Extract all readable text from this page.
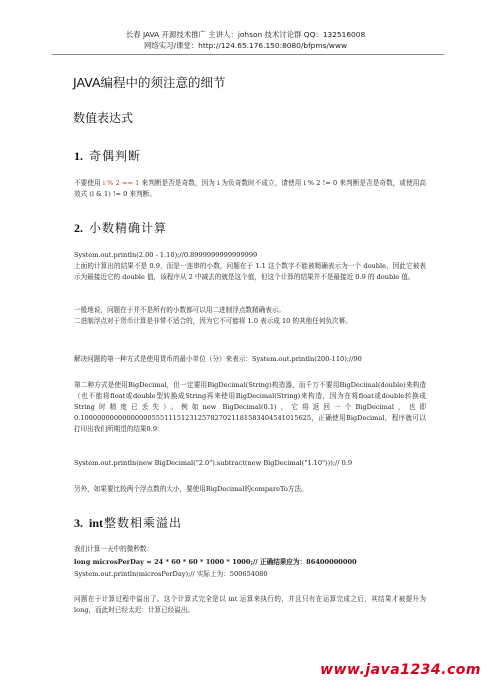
长春 JAVA 开源技术推广 主讲人：johson 技术讨论群 QQ：132516008
网络实习/课堂：http://124.65.176.150:8080/bfpms/www
JAVA编程中的须注意的细节
数值表达式
1. 奇偶判断

不要使用 i % 2 == 1 来判断是否是奇数，因为 i 为负奇数时不成立，请使用 i % 2 != 0 来判断是否是奇数，或使用高效式 (i & 1) != 0 来判断。

2. 小数精确计算

System.out.println(2.00 - 1.10);//0.8999999999999999

上面的计算出的结果不是 0.9，而是一连串的小数，问题在于 1.1 这个数字不能被精确表示为一个 double，因此它被表示为最接近它的 double 值，该程序从 2 中减去的就是这个值，但这个计算的结果并不是最接近 0.9 的 double 值。

一般地说，问题在于并不是所有的小数都可以用二进制浮点数精确表示。

二进制浮点对于货币计算是非常不适合的，因为它不可能将 1.0 表示成 10 的其他任何负次幂。

解决问题的第一种方式是使用货币的最小单位（分）来表示：System.out.println(200-110);//90

第二种方式是使用BigDecimal，但一定要用BigDecimal(String)构造器，而千万不要用BigDecimal(double)来构造（也不能将float或double型转换成String再来使用BigDecimal(String)来构造，因为在将float或double转换成String时精度已丢失）。例如new BigDecimal(0.1)，它将返回一个BigDecimal，也即 0.1000000000000000055511151231257827021181583404541015625，正确使用BigDecimal，程序就可以打印出我们所期望的结果0.9：

System.out.println(new BigDecimal("2.0").subtract(new BigDecimal("1.10")));// 0.9

另外，如果要比较两个浮点数的大小，要使用BigDecimal的compareTo方法。

3. int整数相乘溢出

我们计算一天中的微秒数：

long microsPerDay = 24 * 60 * 60 * 1000 * 1000;// 正确结果应为：86400000000

System.out.println(microsPerDay);// 实际上为：500654080

问题在于计算过程中溢出了。这个计算式完全是以 int 运算来执行的，并且只有在运算完成之后，其结果才被提升为 long，而此时已经太迟：计算已经溢出。

www.java1234.com
